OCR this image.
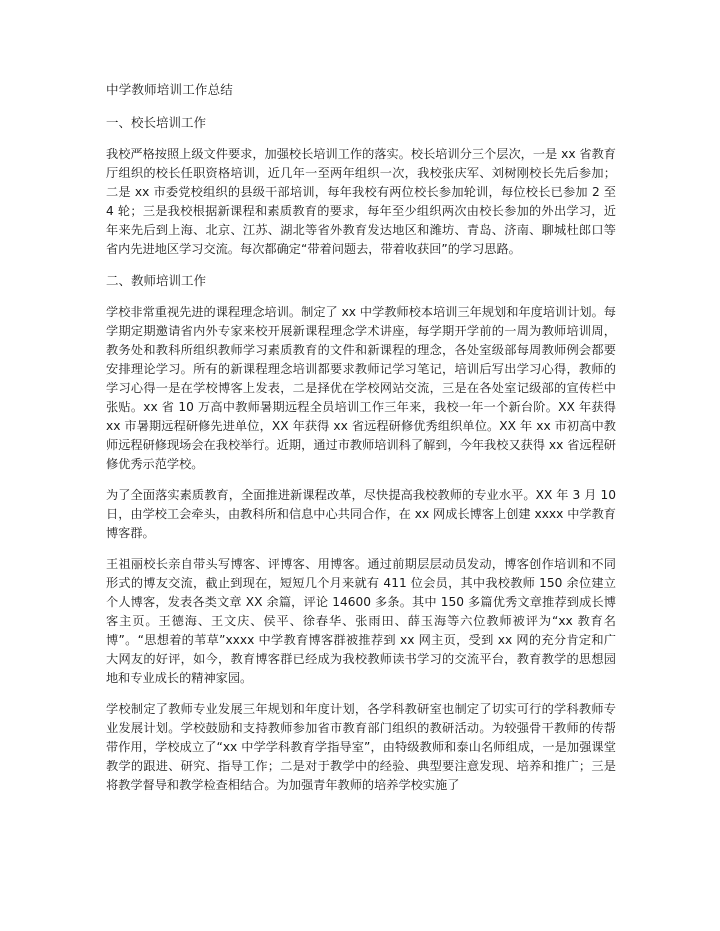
中学教师培训工作总结
一、校长培训工作

我校严格按照上级文件要求，加强校长培训工作的落实。校长培训分三个层次，一是 xx 省教育厅组织的校长任职资格培训，近几年一至两年组织一次，我校张庆军、刘树刚校长先后参加；二是 xx 市委党校组织的县级干部培训，每年我校有两位校长参加轮训，每位校长已参加 2 至 4 轮；三是我校根据新课程和素质教育的要求，每年至少组织两次由校长参加的外出学习，近年来先后到上海、北京、江苏、湖北等省外教育发达地区和潍坊、青岛、济南、聊城杜郎口等省内先进地区学习交流。每次都确定“带着问题去，带着收获回”的学习思路。

二、教师培训工作

学校非常重视先进的课程理念培训。制定了 xx 中学教师校本培训三年规划和年度培训计划。每学期定期邀请省内外专家来校开展新课程理念学术讲座，每学期开学前的一周为教师培训周，教务处和教科所组织教师学习素质教育的文件和新课程的理念，各处室级部每周教师例会都要安排理论学习。所有的新课程理念培训都要求教师记学习笔记，培训后写出学习心得，教师的学习心得一是在学校博客上发表，二是择优在学校网站交流，三是在各处室记级部的宣传栏中张贴。xx 省 10 万高中教师暑期远程全员培训工作三年来，我校一年一个新台阶。XX 年获得 xx 市暑期远程研修先进单位，XX 年获得 xx 省远程研修优秀组织单位。XX 年 xx 市初高中教师远程研修现场会在我校举行。近期，通过市教师培训科了解到，今年我校又获得 xx 省远程研修优秀示范学校。

为了全面落实素质教育，全面推进新课程改革，尽快提高我校教师的专业水平。XX 年 3 月 10 日，由学校工会牵头，由教科所和信息中心共同合作，在 xx 网成长博客上创建 xxxx 中学教育博客群。

王祖丽校长亲自带头写博客、评博客、用博客。通过前期层层动员发动，博客创作培训和不同形式的博友交流，截止到现在，短短几个月来就有 411 位会员，其中我校教师 150 余位建立个人博客，发表各类文章 XX 余篇，评论 14600 多条。其中 150 多篇优秀文章推荐到成长博客主页。王德海、王文庆、侯平、徐春华、张雨田、薛玉海等六位教师被评为“xx 教育名博”。“思想着的苇草”xxxx 中学教育博客群被推荐到 xx 网主页，受到 xx 网的充分肯定和广大网友的好评，如今，教育博客群已经成为我校教师读书学习的交流平台，教育教学的思想园地和专业成长的精神家园。

学校制定了教师专业发展三年规划和年度计划，各学科教研室也制定了切实可行的学科教师专业发展计划。学校鼓励和支持教师参加省市教育部门组织的教研活动。为较强骨干教师的传帮带作用，学校成立了“xx 中学学科教育学指导室”，由特级教师和泰山名师组成，一是加强课堂教学的跟进、研究、指导工作；二是对于教学中的经验、典型要注意发现、培养和推广；三是将教学督导和教学检查相结合。为加强青年教师的培养学校实施了
